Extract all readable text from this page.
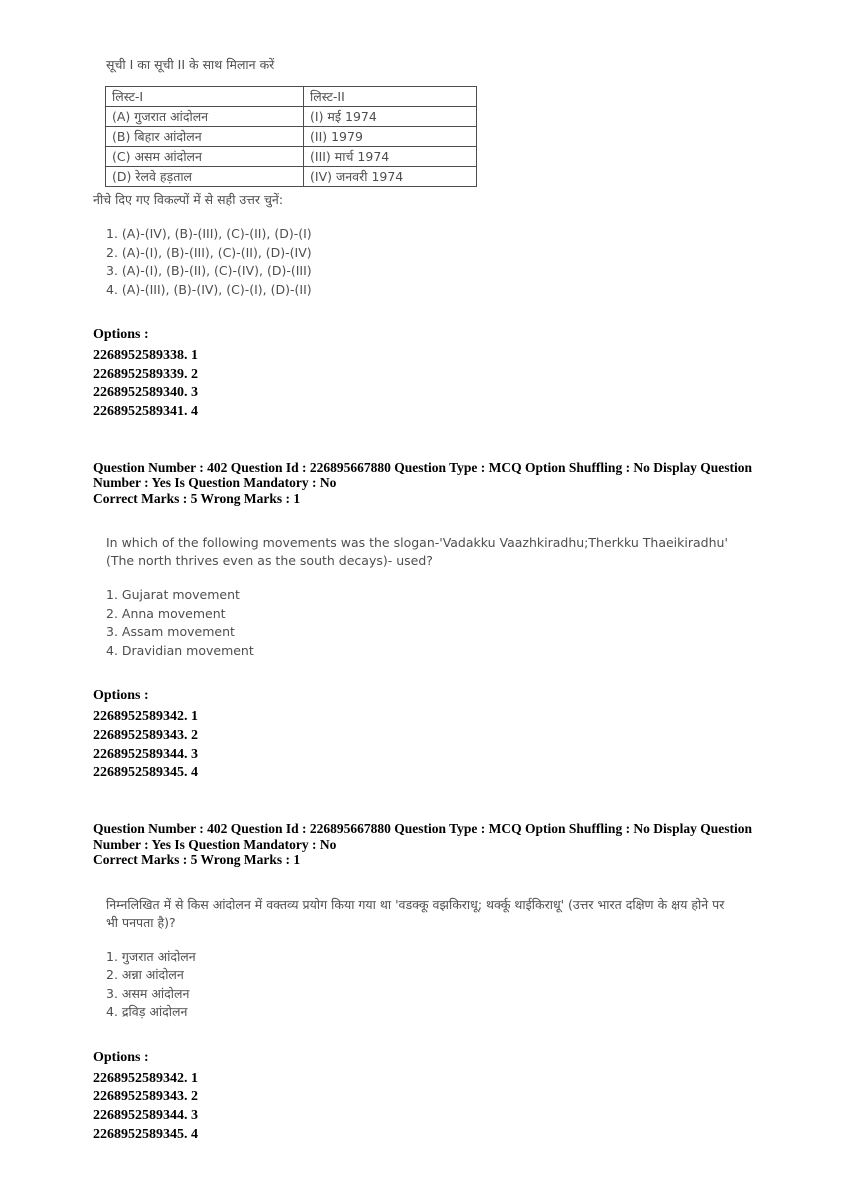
सूची I का सूची II के साथ मिलान करें
लिस्ट-I	लिस्ट-II
(A) गुजरात आंदोलन	(I) मई 1974
(B) बिहार आंदोलन	(II) 1979
(C) असम आंदोलन	(III) मार्च 1974
(D) रेलवे हड़ताल	(IV) जनवरी 1974
नीचे दिए गए विकल्पों में से सही उत्तर चुनें:
1. (A)-(IV), (B)-(III), (C)-(II), (D)-(I)
2. (A)-(I), (B)-(III), (C)-(II), (D)-(IV)
3. (A)-(I), (B)-(II), (C)-(IV), (D)-(III)
4. (A)-(III), (B)-(IV), (C)-(I), (D)-(II)
Options :
2268952589338. 1
2268952589339. 2
2268952589340. 3
2268952589341. 4
Question Number : 402 Question Id : 226895667880 Question Type : MCQ Option Shuffling : No Display Question Number : Yes Is Question Mandatory : No
Correct Marks : 5 Wrong Marks : 1
In which of the following movements was the slogan-'Vadakku Vaazhkiradhu;Therkku Thaeikiradhu' (The north thrives even as the south decays)- used?
1. Gujarat movement
2. Anna movement
3. Assam movement
4. Dravidian movement
Options :
2268952589342. 1
2268952589343. 2
2268952589344. 3
2268952589345. 4
Question Number : 402 Question Id : 226895667880 Question Type : MCQ Option Shuffling : No Display Question Number : Yes Is Question Mandatory : No
Correct Marks : 5 Wrong Marks : 1
निम्नलिखित में से किस आंदोलन में वक्तव्य प्रयोग किया गया था 'वडक्कू वझकिराधू; थर्क्कू थाईकिराधू' (उत्तर भारत दक्षिण के क्षय होने पर भी पनपता है)?
1. गुजरात आंदोलन
2. अन्ना आंदोलन
3. असम आंदोलन
4. द्रविड़ आंदोलन
Options :
2268952589342. 1
2268952589343. 2
2268952589344. 3
2268952589345. 4
